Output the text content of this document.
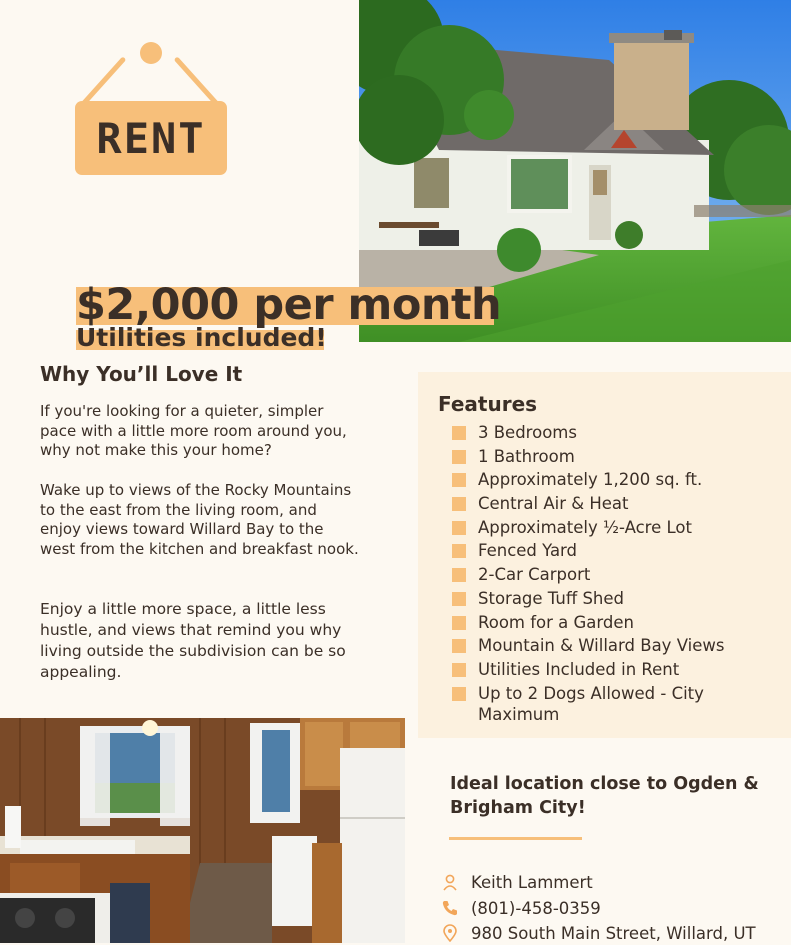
RENT
$2,000 per month
Utilities included!
Why You’ll Love It
If you're looking for a quieter, simpler pace with a little more room around you, why not make this your home?
Wake up to views of the Rocky Mountains to the east from the living room, and enjoy views toward Willard Bay to the west from the kitchen and breakfast nook.
Enjoy a little more space, a little less hustle, and views that remind you why living outside the subdivision can be so appealing.
Features
3 Bedrooms
1 Bathroom
Approximately 1,200 sq. ft.
Central Air & Heat
Approximately ½-Acre Lot
Fenced Yard
2-Car Carport
Storage Tuff Shed
Room for a Garden
Mountain & Willard Bay Views
Utilities Included in Rent
Up to 2 Dogs Allowed - City Maximum
Ideal location close to Ogden & Brigham City!
Keith Lammert
(801)-458-0359
980 South Main Street, Willard, UT
